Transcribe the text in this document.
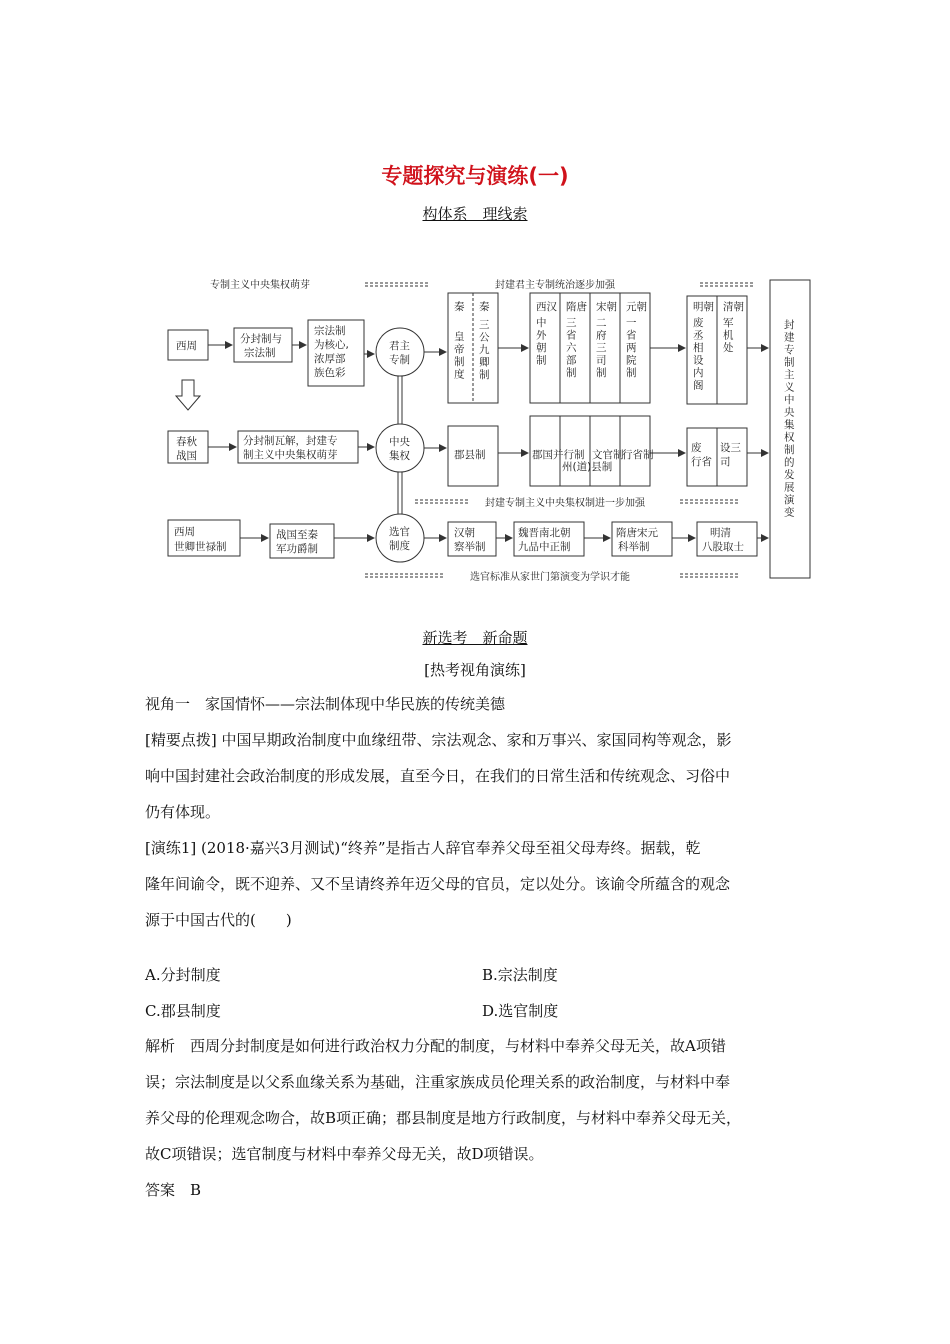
专题探究与演练(一)
构体系　理线索
专制主义中央集权萌芽	封建君主专制统治逐步加强
封建专制主义中央集权制进一步加强
选官标准从家世门第演变为学识才能
西周
分封制与
宗法制
宗法制
为核心,
浓厚部
族色彩
春秋
战国
分封制瓦解，封建专
制主义中央集权萌芽
君主
专制
中央
集权
选官
制度
秦 秦	西汉 隋唐 宋朝 元朝	明朝 清朝
郡县制	郡国并行制
州(道)县制
文官制
行省制
废
行省
设三
司
西周
世卿世禄制
战国至秦
军功爵制
汉朝
察举制
魏晋南北朝
九品中正制
隋唐宋元
科举制
明清
八股取士
皇帝制度
三公九卿制
中外朝制
三省六部制
二府三司制
一省两院制
废丞相设内阁
军机处
封建专制主义中央集权制的发展演变
新选考　新命题
[热考视角演练]

视角一　家国情怀——宗法制体现中华民族的传统美德

[精要点拨] 中国早期政治制度中血缘纽带、宗法观念、家和万事兴、家国同构等观念，影

响中国封建社会政治制度的形成发展，直至今日，在我们的日常生活和传统观念、习俗中

仍有体现。

[演练1] (2018·嘉兴3月测试)“终养”是指古人辞官奉养父母至祖父母寿终。据载，乾

隆年间谕令，既不迎养、又不呈请终养年迈父母的官员，定以处分。该谕令所蕴含的观念

源于中国古代的(　　)

A.分封制度	B.宗法制度
C.郡县制度	D.选官制度

解析　西周分封制度是如何进行政治权力分配的制度，与材料中奉养父母无关，故A项错

误；宗法制度是以父系血缘关系为基础，注重家族成员伦理关系的政治制度，与材料中奉

养父母的伦理观念吻合，故B项正确；郡县制度是地方行政制度，与材料中奉养父母无关，

故C项错误；选官制度与材料中奉养父母无关，故D项错误。

答案　B
